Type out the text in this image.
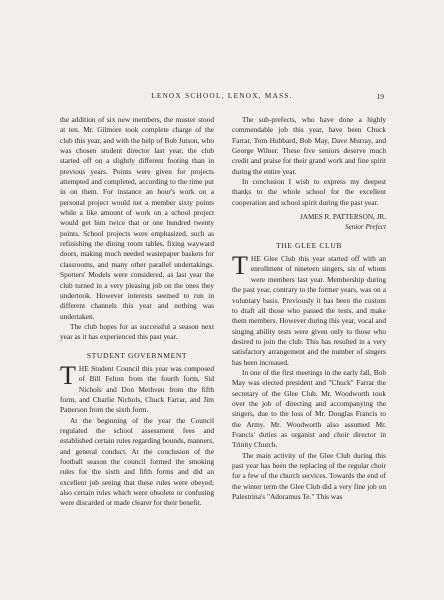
LENOX SCHOOL, LENOX, MASS.	19

the addition of six new members, the muster stood at ten. Mr. Gilmore took complete charge of the club this year, and with the help of Bob Jutson, who was chosen student director last year, the club started off on a slightly different footing than in previous years. Points were given for projects attempted and completed, according to the time put in on them. For instance an hour's work on a personal project would net a member sixty points while a like amount of work on a school project would get him twice that or one hundred twenty points. School projects were emphasized, such as refinishing the dining room tables, fixing wayward doors, making much needed wastepaper baskets for classrooms, and many other parallel undertakings. Spotters' Models were considered, as last year the club turned in a very pleasing job on the ones they undertook. However interests seemed to run in different channels this year and nothing was undertaken.

The club hopes for as successful a season next year as it has experienced this past year.

STUDENT GOVERNMENT

THE Student Council this year was composed of Bill Felton from the fourth form, Sid Nichols and Don Methven from the fifth form, and Charlie Nichols, Chuck Farrar, and Jim Patterson from the sixth form.

At the beginning of the year the Council regulated the school assessment fees and established certain rules regarding bounds, manners, and general conduct. At the conclusion of the football season the council formed the smoking rules for the sixth and fifth forms and did an excellent job seeing that these rules were obeyed; also certain rules which were obsolete or confusing were discarded or made clearer for their benefit.

The sub-prefects, who have done a highly commendable job this year, have been Chuck Farrar, Tom Hubbard, Bob May, Dave Murray, and George Wilner. These five seniors deserve much credit and praise for their grand work and fine spirit during the entire year.

In conclusion I wish to express my deepest thanks to the whole school for the excellent cooperation and school spirit during the past year.

JAMES R. PATTERSON, JR.
Senior Prefect
THE GLEE CLUB

THE Glee Club this year started off with an enrollment of nineteen singers, six of whom were members last year. Membership during the past year, contrary to the former years, was on a voluntary basis. Previously it has been the custom to draft all those who passed the tests, and make them members. However during this year, vocal and singing ability tests were given only to those who desired to join the club. This has resulted in a very satisfactory arrangement and the number of singers has been increased.

In one of the first meetings in the early fall, Bob May was elected president and "Chuck" Farrar the secretary of the Glee Club. Mr. Woodworth took over the job of directing and accompanying the singers, due to the loss of Mr. Douglas Francis to the Army. Mr. Woodworth also assumed Mr. Francis' duties as organist and choir director in Trinity Church.

The main activity of the Glee Club during this past year has been the replacing of the regular choir for a few of the church services. Towards the end of the winter term the Glee Club did a very fine job on Palestrina's "Adoramus Te." This was
